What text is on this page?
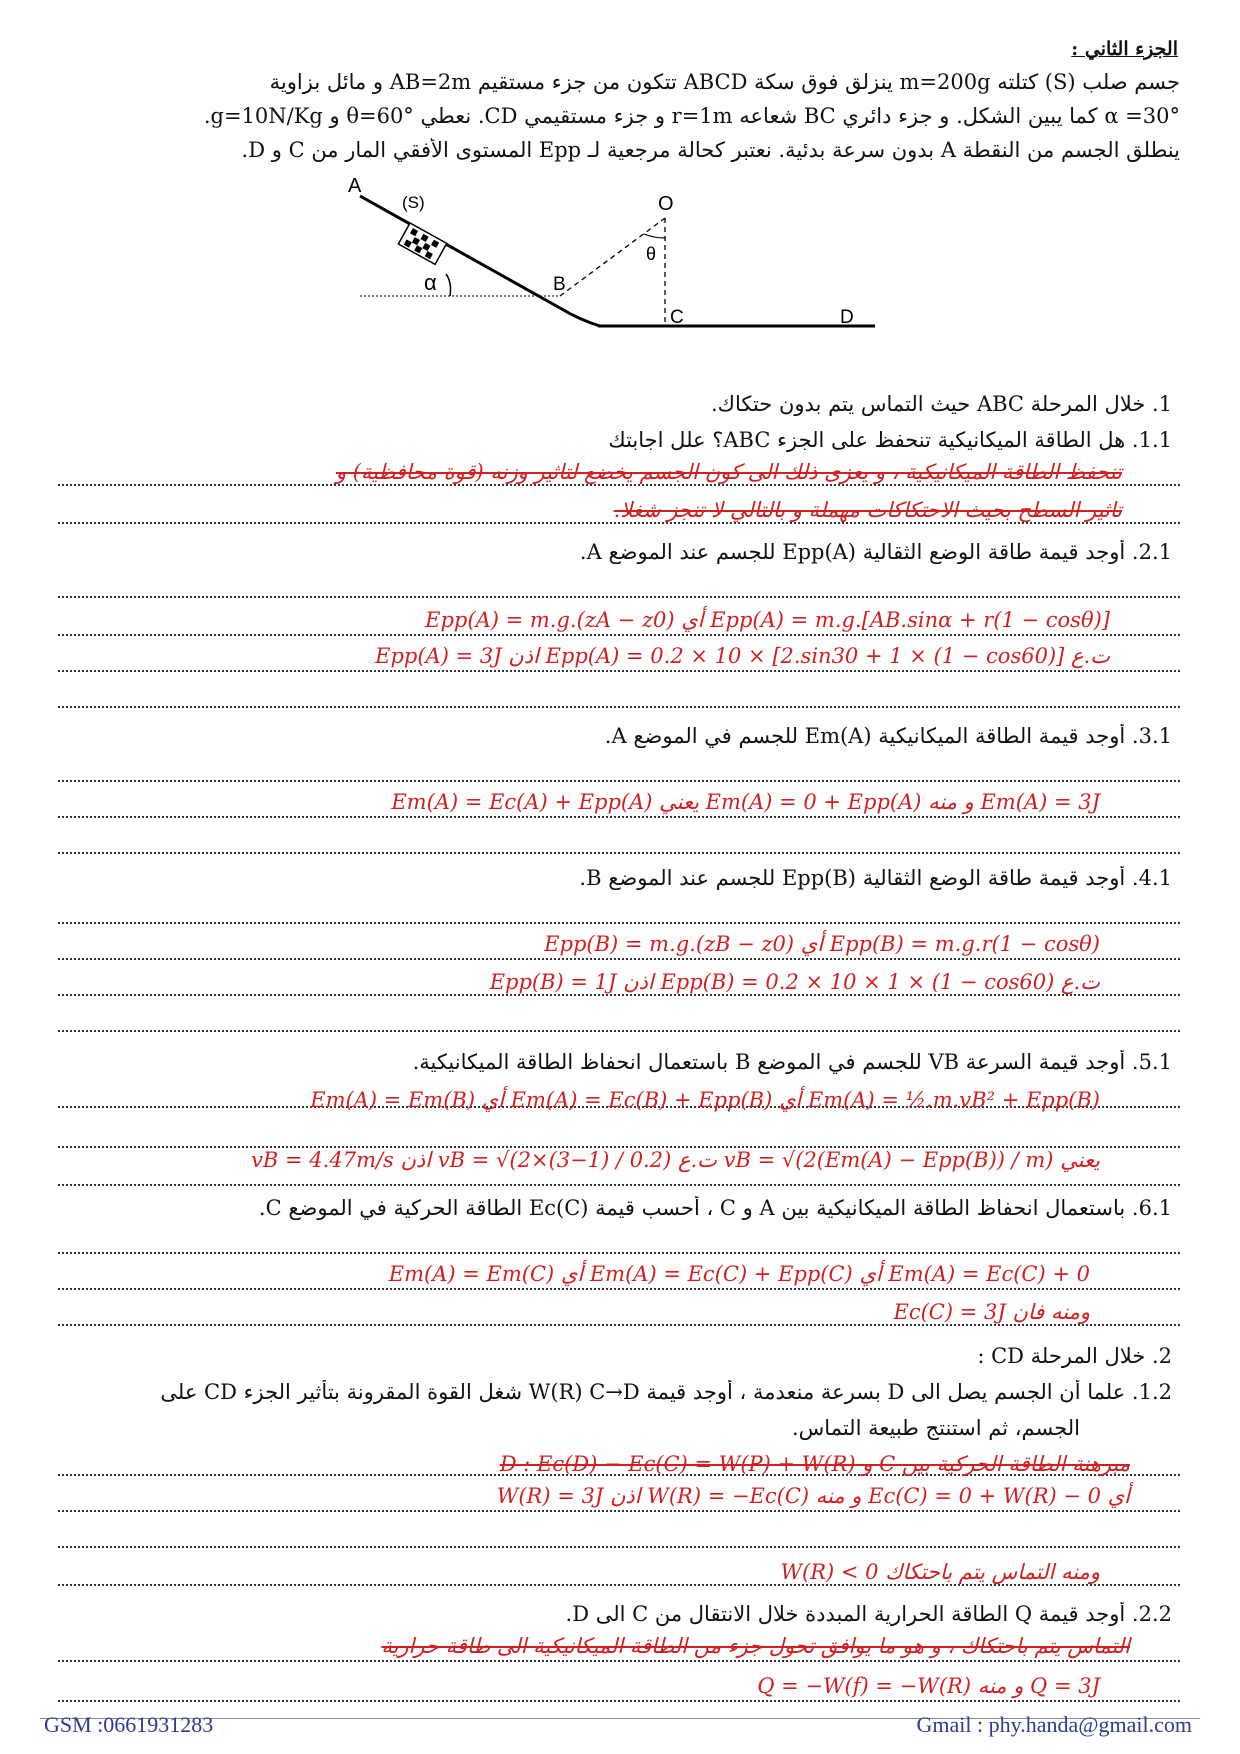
الجزء الثاني :
جسم صلب (S) كتلته m=200g ينزلق فوق سكة ABCD تتكون من جزء مستقيم AB=2m و مائل بزاوية
α =30° كما يبين الشكل. و جزء دائري BC شعاعه r=1m و جزء مستقيمي CD. نعطي θ=60° و g=10N/Kg.
ينطلق الجسم من النقطة A بدون سرعة بدئية. نعتبر كحالة مرجعية لـ Epp المستوى الأفقي المار من C و D.
A
(S)	O
θ
α	B
C	D
1. خلال المرحلة ABC حيث التماس يتم بدون حتكاك.
1.1. هل الطاقة الميكانيكية تنحفظ على الجزء ABC؟ علل اجابتك
تنحفظ الطاقة الميكانيكية ، و يعزى ذلك الى كون الجسم يخضع لتاثير وزنه (قوة محافظية) و
تاثير السطح بحيث الاحتكاكات مهملة و بالتالي لا تنجز شغلا.
2.1. أوجد قيمة طاقة الوضع الثقالية Epp(A) للجسم عند الموضع A.
Epp(A) = m.g.(zA − z0) أي Epp(A) = m.g.[AB.sinα + r(1 − cosθ)]
ت.ع Epp(A) = 0.2 × 10 × [2.sin30 + 1 × (1 − cos60)] اذن Epp(A) = 3J
3.1. أوجد قيمة الطاقة الميكانيكية Em(A) للجسم في الموضع A.
Em(A) = Ec(A) + Epp(A) يعني Em(A) = 0 + Epp(A) و منه Em(A) = 3J
4.1. أوجد قيمة طاقة الوضع الثقالية Epp(B) للجسم عند الموضع B.
Epp(B) = m.g.(zB − z0) أي Epp(B) = m.g.r(1 − cosθ)
ت.ع Epp(B) = 0.2 × 10 × 1 × (1 − cos60) اذن Epp(B) = 1J
5.1. أوجد قيمة السرعة VB للجسم في الموضع B باستعمال انحفاظ الطاقة الميكانيكية.
Em(A) = Em(B) أي Em(A) = Ec(B) + Epp(B) أي Em(A) = ½.m.vB² + Epp(B)
يعني vB = √(2(Em(A) − Epp(B)) / m) ت.ع vB = √(2×(3−1) / 0.2) اذن vB = 4.47m/s
6.1. باستعمال انحفاظ الطاقة الميكانيكية بين A و C ، أحسب قيمة Ec(C) الطاقة الحركية في الموضع C.
Em(A) = Em(C) أي Em(A) = Ec(C) + Epp(C) أي Em(A) = Ec(C) + 0
ومنه فان Ec(C) = 3J
2. خلال المرحلة CD :
1.2. علما أن الجسم يصل الى D بسرعة منعدمة ، أوجد قيمة W(R) C→D شغل القوة المقرونة بتأثير الجزء CD على
الجسم، ثم استنتج طبيعة التماس.
مبرهنة الطاقة الحركية بين C و D : Ec(D) − Ec(C) = W(P) + W(R)
أي 0 − Ec(C) = 0 + W(R) و منه W(R) = −Ec(C) اذن W(R) = 3J
W(R) < 0 ومنه التماس يتم باحتكاك
2.2. أوجد قيمة Q الطاقة الحرارية المبددة خلال الانتقال من C الى D.
التماس يتم باحتكاك ، و هو ما يوافق تحول جزء من الطاقة الميكانيكية الى طاقة حرارية
Q = −W(f) = −W(R) و منه Q = 3J
GSM :0661931283	Gmail : phy.handa@gmail.com
